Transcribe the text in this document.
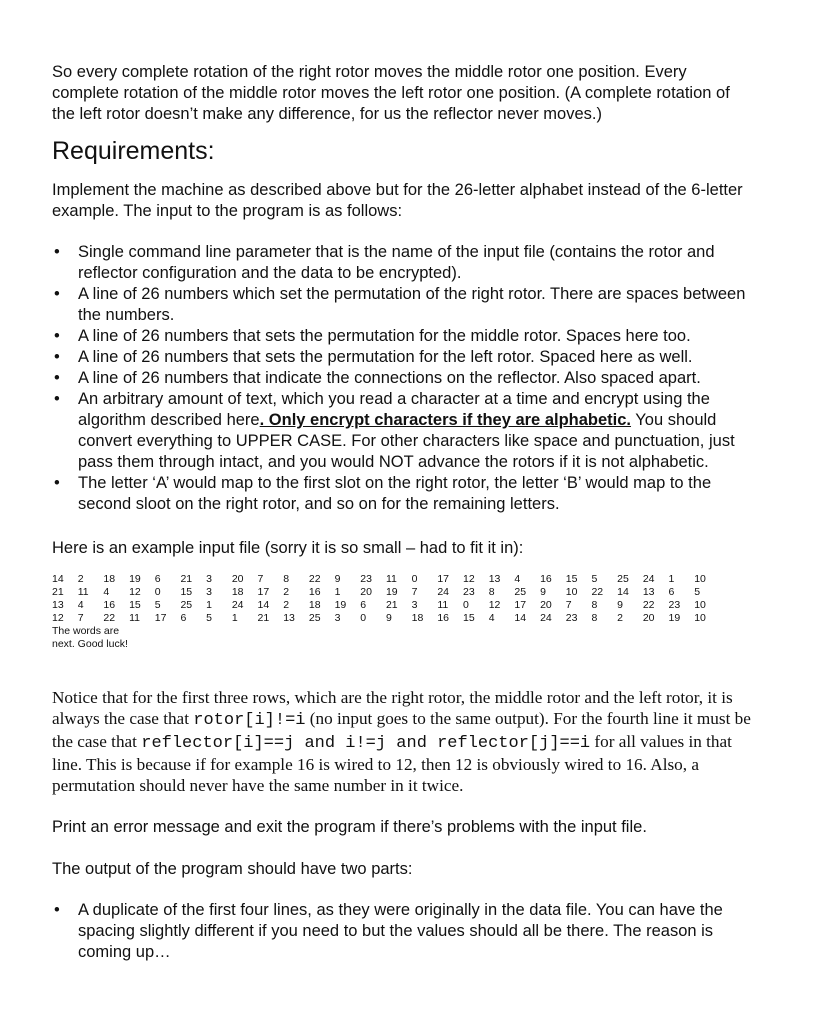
So every complete rotation of the right rotor moves the middle rotor one position. Every complete rotation of the middle rotor moves the left rotor one position. (A complete rotation of the left rotor doesn’t make any difference, for us the reflector never moves.)

Requirements:

Implement the machine as described above but for the 26-letter alphabet instead of the 6-letter example. The input to the program is as follows:

• Single command line parameter that is the name of the input file (contains the rotor and reflector configuration and the data to be encrypted).
• A line of 26 numbers which set the permutation of the right rotor. There are spaces between the numbers.
• A line of 26 numbers that sets the permutation for the middle rotor. Spaces here too.
• A line of 26 numbers that sets the permutation for the left rotor. Spaced here as well.
• A line of 26 numbers that indicate the connections on the reflector. Also spaced apart.
• An arbitrary amount of text, which you read a character at a time and encrypt using the algorithm described here. Only encrypt characters if they are alphabetic. You should convert everything to UPPER CASE. For other characters like space and punctuation, just pass them through intact, and you would NOT advance the rotors if it is not alphabetic.
• The letter ‘A’ would map to the first slot on the right rotor, the letter ‘B’ would map to the second sloot on the right rotor, and so on for the remaining letters.

Here is an example input file (sorry it is so small – had to fit it in):

14	2	18	19	6	21	3	20	7	8	22	9	23	11	0	17	12	13	4	16	15	5	25	24	1	10
21	11	4	12	0	15	3	18	17	2	16	1	20	19	7	24	23	8	25	9	10	22	14	13	6	5
13	4	16	15	5	25	1	24	14	2	18	19	6	21	3	11	0	12	17	20	7	8	9	22	23	10
12	7	22	11	17	6	5	1	21	13	25	3	0	9	18	16	15	4	14	24	23	8	2	20	19	10

The words are

next. Good luck!

Notice that for the first three rows, which are the right rotor, the middle rotor and the left rotor, it is always the case that rotor[i]!=i (no input goes to the same output). For the fourth line it must be the case that reflector[i]==j and i!=j and reflector[j]==i for all values in that line. This is because if for example 16 is wired to 12, then 12 is obviously wired to 16. Also, a permutation should never have the same number in it twice.

Print an error message and exit the program if there’s problems with the input file.

The output of the program should have two parts:

• A duplicate of the first four lines, as they were originally in the data file. You can have the spacing slightly different if you need to but the values should all be there. The reason is coming up…
